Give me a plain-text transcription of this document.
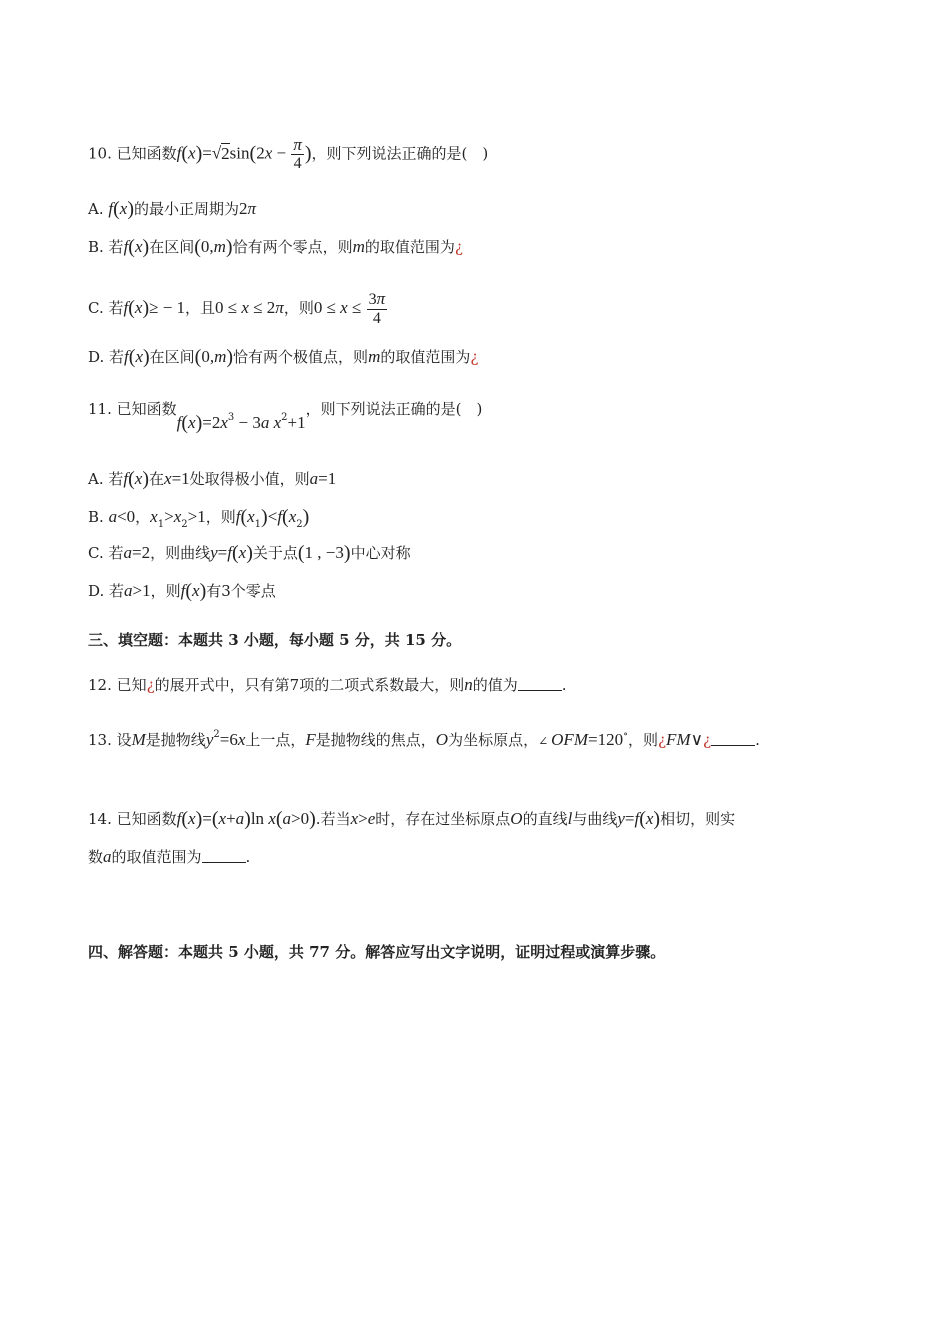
10. 已知函数$f(x)=√2\sin(2x - \frac{\pi}{4}$ )，则下列说法正确的是(　)
A. f(x)的最小正周期为2π
B. 若f(x)在区间(0,m)恰有两个零点，则m的取值范围为¿
C. 若f(x)≥ − 1，且0 ≤ x ≤ 2π，则$0 \le x \le \frac{3\pi}{4}$
D. 若f(x)在区间(0,m)恰有两个极值点，则m的取值范围为¿
11. 已知函数$f(x)=2x^3 - 3a$ $x^2+1$，则下列说法正确的是(　)
A. 若f(x)在x=1处取得极小值，则a=1
B. a<0，$x_1>x_2>1$，则$f(x_1)<f(x_2)$
C. 若a=2，则曲线y=f(x)关于点(1 , −3)中心对称
D. 若a>1，则f(x)有3个零点
三、填空题：本题共 3 小题，每小题 5 分，共 15 分。
12. 已知¿的展开式中，只有第7项的二项式系数最大，则n的值为	.
13. 设M是抛物线$y^2=6x$上一点，F是抛物线的焦点，O为坐标原点，∠ OFM=120∘，则¿FM∨¿	.
14. 已知函数f(x)=(x+a)ln x(a>0).若当x>e时，存在过坐标原点O的直线l与曲线y=f(x)相切，则实
数a的取值范围为	.
四、解答题：本题共 5 小题，共 77 分。解答应写出文字说明，证明过程或演算步骤。
